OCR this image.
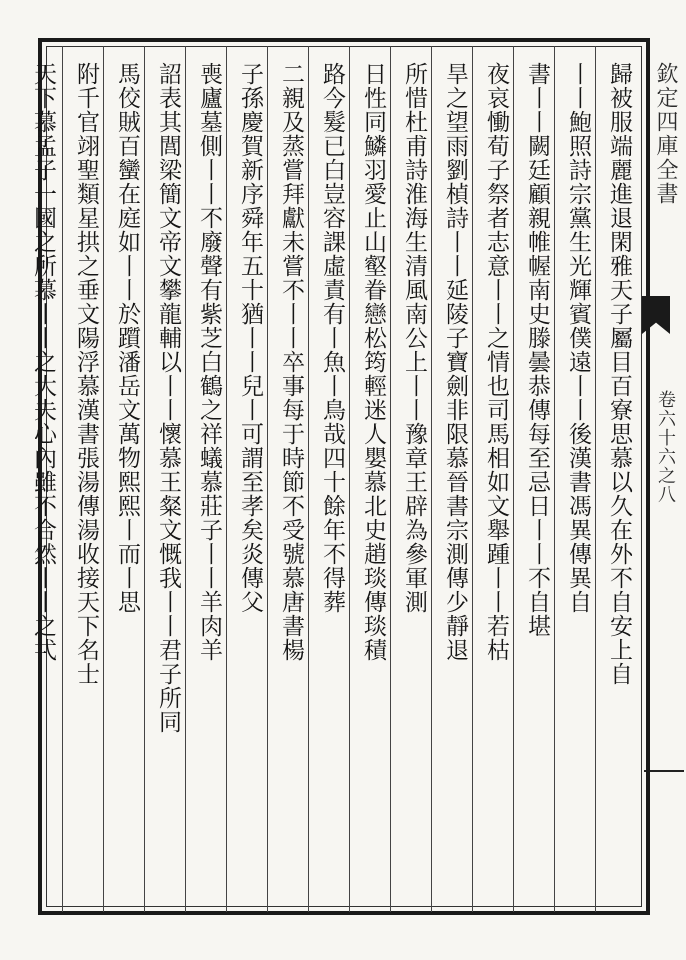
欽定四庫全書
卷六十六之八
歸被服端麗進退閑雅天子屬目百寮思慕以久在外不自安上自
丨丨鮑照詩宗黨生光輝賓僕遠丨丨後漢書馮異傳異自
書丨丨闕廷顧親帷幄南史滕曇恭傳每至忌日丨丨不自堪
夜哀慟荀子祭者志意丨丨之情也司馬相如文舉踵丨丨若枯
旱之望雨劉楨詩丨丨延陵子寶劍非限慕晉書宗測傳少靜退
所惜杜甫詩淮海生清風南公上丨丨豫章王辟為參軍測
日性同鱗羽愛止山壑眷戀松筠輕迷人嬰慕北史趙琰傳琰積
路今髮已白豈容課虛責有丨魚丨鳥哉四十餘年不得葬
二親及蒸嘗拜獻未嘗不丨丨卒事每于時節不受號慕唐書楊
子孫慶賀新序舜年五十猶丨丨兒丨可謂至孝矣炎傳父
喪廬墓側丨丨不廢聲有紫芝白鶴之祥蟻慕莊子丨丨羊肉羊
詔表其閭梁簡文帝文攀龍輔以丨丨懷慕王粲文慨我丨丨君子所同
馬佼賊百蠻在庭如丨丨於躓潘岳文萬物熙熙丨而丨思
附千官翊聖類星拱之垂文陽浮慕漢書張湯傳湯收接天下名士
天下慕孟子一國之所慕丨丨之大夫心內雖不合然丨丨之弌
